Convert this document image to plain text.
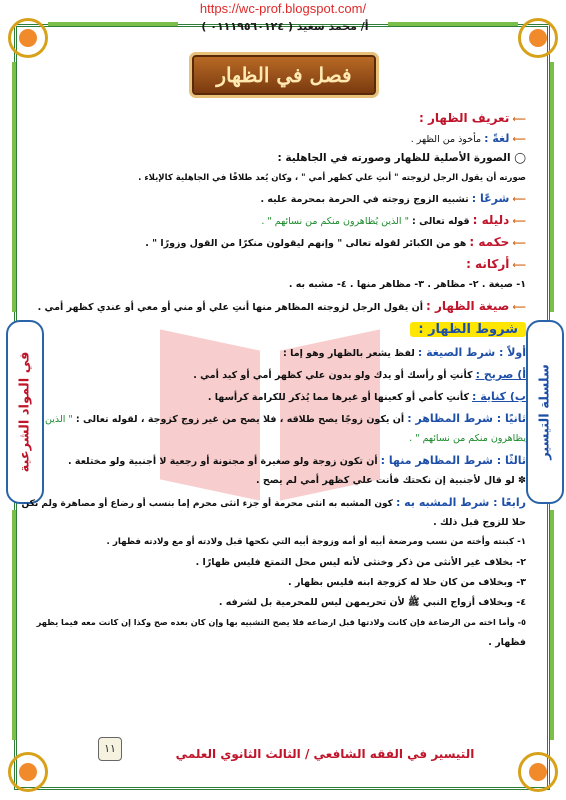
https://wc-prof.blogspot.com/
أ/ محمد سعيد ( ٠١١١٩٥٦٠١٢٤ )
فصل في الظهار
سلسلة التيسير
في المواد الشرعية
⟵ تعريف الظهار :
⟵ لغةً : مأخوذ من الظهر .
◯ الصورة الأصلية للظهار وصورته في الجاهلية :
صورته أن يقول الرجل لزوجته " أنتِ علي كظهر أمي " ، وكان يُعد طلاقًا في الجاهلية كالإيلاء .
⟵ شرعًا : تشبيه الزوج زوجته في الحرمة بمحرمة عليه .
⟵ دليله : قوله تعالى : " الذين يُظاهرون منكم من نسائهم " .
⟵ حكمه : هو من الكبائر لقوله تعالى " وإنهم ليقولون منكرًا من القول وزورًا " .
⟵ أركانه :
١- صيغة . ٢- مظاهر . ٣- مظاهر منها . ٤- مشبه به .
⟵ صيغة الظهار : أن يقول الرجل لزوجته المظاهر منها أنتِ علي أو مني أو معي أو عندي كظهر أمي .
شروط الظهار :
أولاً : شرط الصيغة : لفظ يشعر بالظهار وهو إما :
أ) صريح : كأنتِ أو رأسك أو يدك ولو بدون علي كظهر أمي أو كيد أمي .
ب) كناية : كأنتِ كأمي أو كعينها أو غيرها مما يُذكر للكرامة كرأسها .
ثانيًا : شرط المظاهر : أن يكون زوجًا يصح طلاقه ، فلا يصح من غير زوج كزوجة ، لقوله تعالى : " الذين
يظاهرون منكم من نسائهم " .
ثالثًا : شرط المظاهر منها : أن تكون زوجة ولو صغيرة أو مجنونة أو رجعية لا أجنبية ولو مختلعة .
✽ لو قال لأجنبية إن نكحتك فأنت علي كظهر أمي لم يصح .
رابعًا : شرط المشبه به : كون المشبه به انثى محرمة أو جزء انثى محرم إما بنسب أو رضاع أو مصاهرة ولم تكن
حلا للزوج قبل ذلك .
١- كبنته وأخته من نسب ومرضعة أبيه أو أمه وزوجة أبيه التي نكحها قبل ولادته أو مع ولادته فظهار .
٢- بخلاف غير الأنثى من ذكر وخنثى لأنه ليس محل التمتع فليس ظهارًا .
٣- وبخلاف من كان حلا له كزوجة ابنه فليس بظهار .
٤- وبخلاف أزواج النبي ﷺ لأن تحريمهن ليس للمحرمية بل لشرفه .
٥- وأما اخته من الرضاعة فإن كانت ولادتها قبل ارضاعه فلا يصح التشبيه بها وإن كان بعده صح وكذا إن كانت معه فيما يظهر
فظهار .
١١	التيسير في الفقه الشافعي / الثالث الثانوي العلمي
